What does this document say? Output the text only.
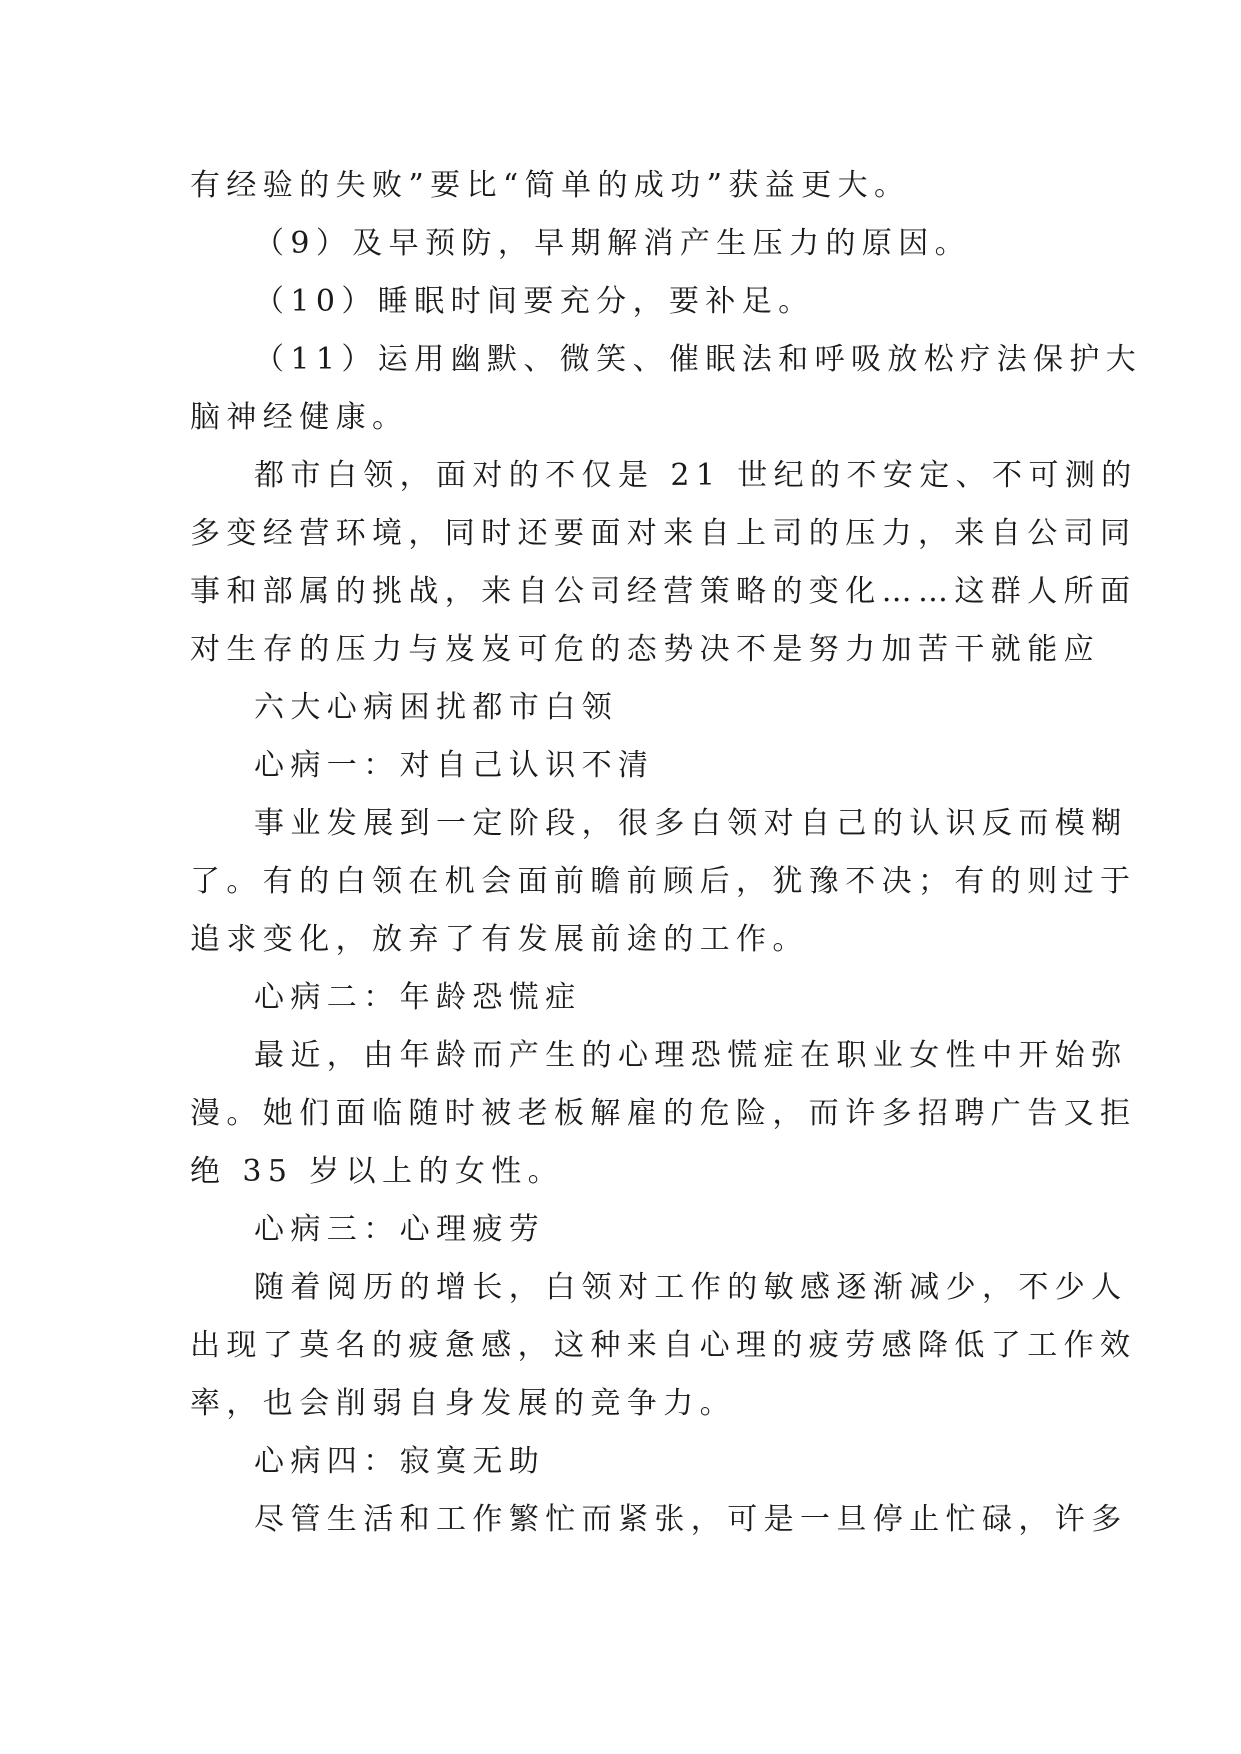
有经验的失败”要比“简单的成功”获益更大。
（9）及早预防，早期解消产生压力的原因。
（10）睡眠时间要充分，要补足。
（11）运用幽默、微笑、催眠法和呼吸放松疗法保护大
脑神经健康。
都市白领，面对的不仅是 21 世纪的不安定、不可测的
多变经营环境，同时还要面对来自上司的压力，来自公司同
事和部属的挑战，来自公司经营策略的变化……这群人所面
对生存的压力与岌岌可危的态势决不是努力加苦干就能应
六大心病困扰都市白领
心病一：对自己认识不清
事业发展到一定阶段，很多白领对自己的认识反而模糊
了。有的白领在机会面前瞻前顾后，犹豫不决；有的则过于
追求变化，放弃了有发展前途的工作。
心病二：年龄恐慌症
最近，由年龄而产生的心理恐慌症在职业女性中开始弥
漫。她们面临随时被老板解雇的危险，而许多招聘广告又拒
绝 35 岁以上的女性。
心病三：心理疲劳
随着阅历的增长，白领对工作的敏感逐渐减少，不少人
出现了莫名的疲惫感，这种来自心理的疲劳感降低了工作效
率，也会削弱自身发展的竞争力。
心病四：寂寞无助
尽管生活和工作繁忙而紧张，可是一旦停止忙碌，许多
